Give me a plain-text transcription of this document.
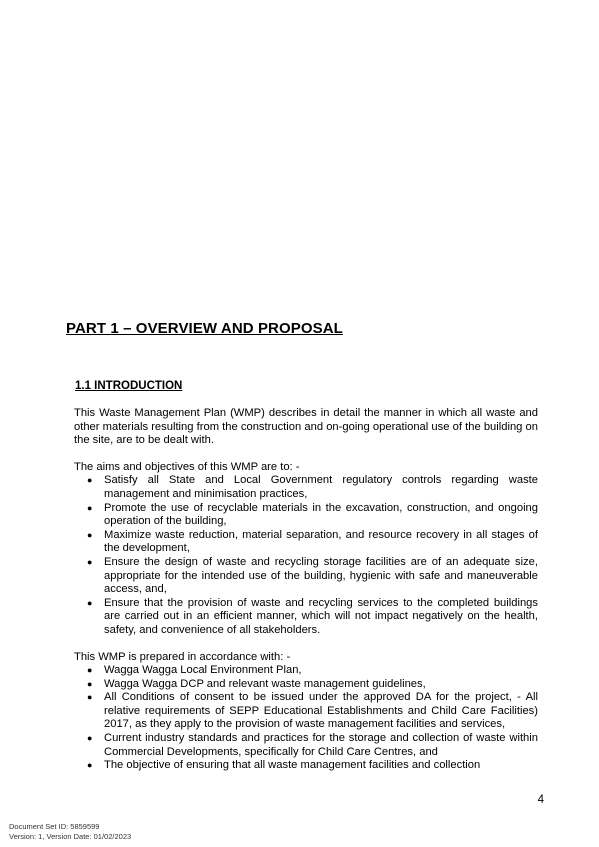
PART 1 – OVERVIEW AND PROPOSAL
1.1 INTRODUCTION

This Waste Management Plan (WMP) describes in detail the manner in which all waste and other materials resulting from the construction and on-going operational use of the building on the site, are to be dealt with.

The aims and objectives of this WMP are to: -

● Satisfy all State and Local Government regulatory controls regarding waste management and minimisation practices,
● Promote the use of recyclable materials in the excavation, construction, and ongoing operation of the building,
● Maximize waste reduction, material separation, and resource recovery in all stages of the development,
● Ensure the design of waste and recycling storage facilities are of an adequate size, appropriate for the intended use of the building, hygienic with safe and maneuverable access, and,
● Ensure that the provision of waste and recycling services to the completed buildings are carried out in an efficient manner, which will not impact negatively on the health, safety, and convenience of all stakeholders.

This WMP is prepared in accordance with: -

● Wagga Wagga Local Environment Plan,
● Wagga Wagga DCP and relevant waste management guidelines,
● All Conditions of consent to be issued under the approved DA for the project, - All relative requirements of SEPP Educational Establishments and Child Care Facilities) 2017, as they apply to the provision of waste management facilities and services,
● Current industry standards and practices for the storage and collection of waste within Commercial Developments, specifically for Child Care Centres, and
● The objective of ensuring that all waste management facilities and collection
4
Document Set ID: 5859599
Version: 1, Version Date: 01/02/2023
